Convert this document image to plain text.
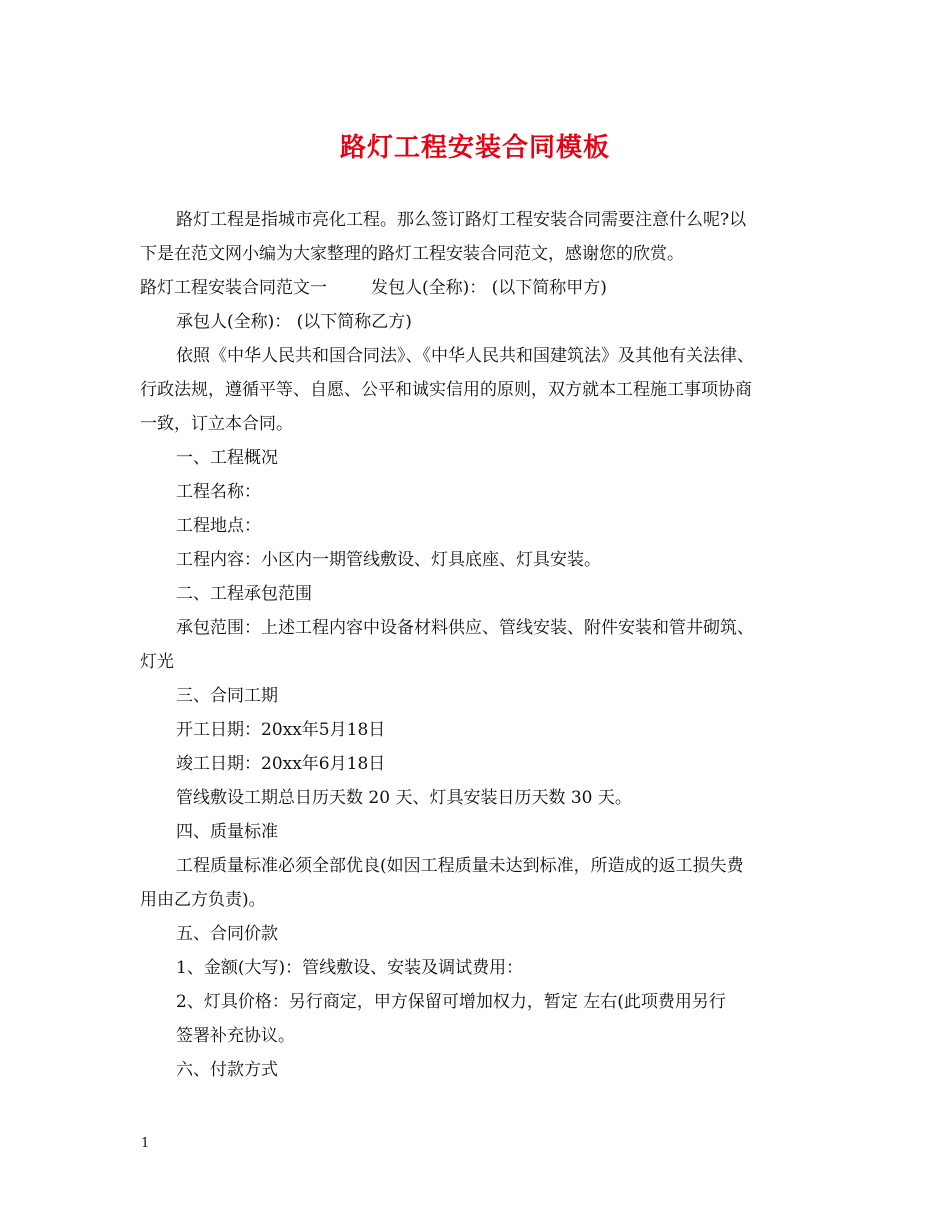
路灯工程安装合同模板

路灯工程是指城市亮化工程。那么签订路灯工程安装合同需要注意什么呢?以

下是在范文网小编为大家整理的路灯工程安装合同范文，感谢您的欣赏。

路灯工程安装合同范文一	发包人(全称)： (以下简称甲方)

承包人(全称)： (以下简称乙方)

依照《中华人民共和国合同法》、《中华人民共和国建筑法》及其他有关法律、

行政法规，遵循平等、自愿、公平和诚实信用的原则，双方就本工程施工事项协商

一致，订立本合同。

一、工程概况

工程名称：

工程地点：

工程内容：小区内一期管线敷设、灯具底座、灯具安装。

二、工程承包范围

承包范围：上述工程内容中设备材料供应、管线安装、附件安装和管井砌筑、

灯光

三、合同工期

开工日期：20xx年5月18日

竣工日期：20xx年6月18日

管线敷设工期总日历天数 20 天、灯具安装日历天数 30 天。

四、质量标准

工程质量标准必须全部优良(如因工程质量未达到标准，所造成的返工损失费

用由乙方负责)。

五、合同价款

1、金额(大写)：管线敷设、安装及调试费用：

2、灯具价格：另行商定，甲方保留可增加权力，暂定 左右(此项费用另行

签署补充协议。

六、付款方式

1
